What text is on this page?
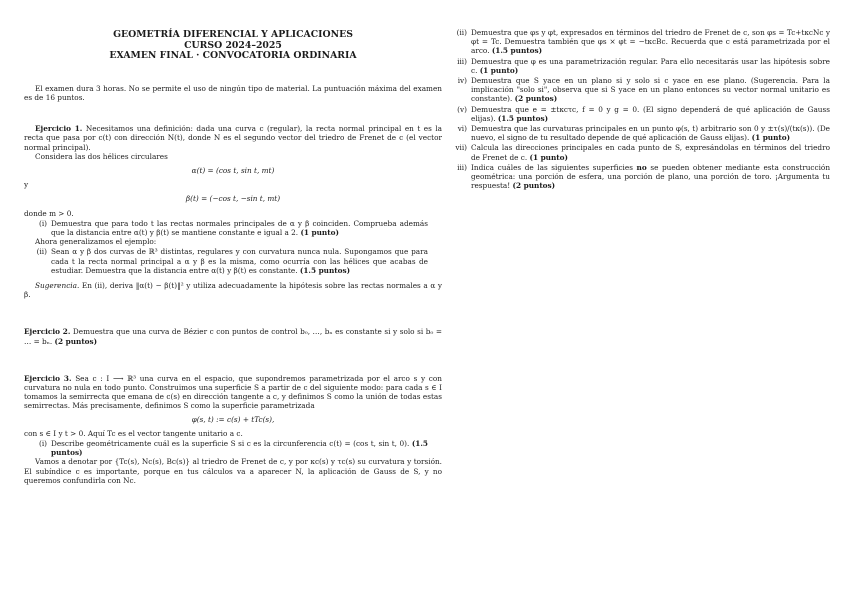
GEOMETRÍA DIFERENCIAL Y APLICACIONES
CURSO 2024–2025
EXAMEN FINAL · CONVOCATORIA ORDINARIA

El examen dura 3 horas. No se permite el uso de ningún tipo de material. La puntuación máxima del examen es de 16 puntos.

Ejercicio 1. Necesitamos una definición: dada una curva c (regular), la recta normal principal en t es la recta que pasa por c(t) con dirección N(t), donde N es el segundo vector del triedro de Frenet de c (el vector normal principal).

Considera las dos hélices circulares

α(t) = (cos t, sin t, mt)

y

β(t) = (−cos t, −sin t, mt)

donde m > 0.

(i) Demuestra que para todo t las rectas normales principales de α y β coinciden. Comprueba además que la distancia entre α(t) y β(t) se mantiene constante e igual a 2. (1 punto)

Ahora generalizamos el ejemplo:

(ii) Sean α y β dos curvas de ℝ³ distintas, regulares y con curvatura nunca nula. Supongamos que para cada t la recta normal principal a α y β es la misma, como ocurría con las hélices que acabas de estudiar. Demuestra que la distancia entre α(t) y β(t) es constante. (1.5 puntos)

Sugerencia. En (ii), deriva ‖α(t) − β(t)‖² y utiliza adecuadamente la hipótesis sobre las rectas normales a α y β.

Ejercicio 2. Demuestra que una curva de Bézier c con puntos de control b₀, …, bₙ es constante si y solo si b₀ = … = bₙ. (2 puntos)

Ejercicio 3. Sea c : I ⟶ ℝ³ una curva en el espacio, que supondremos parametrizada por el arco s y con curvatura no nula en todo punto. Construimos una superficie S a partir de c del siguiente modo: para cada s ∈ I tomamos la semirrecta que emana de c(s) en dirección tangente a c, y definimos S como la unión de todas estas semirrectas. Más precisamente, definimos S como la superficie parametrizada

φ(s, t) := c(s) + tTc(s),

con s ∈ I y t > 0. Aquí Tc es el vector tangente unitario a c.

(i) Describe geométricamente cuál es la superficie S si c es la circunferencia c(t) = (cos t, sin t, 0). (1.5 puntos)

Vamos a denotar por {Tc(s), Nc(s), Bc(s)} al triedro de Frenet de c, y por κc(s) y τc(s) su curvatura y torsión. El subíndice c es importante, porque en tus cálculos va a aparecer N, la aplicación de Gauss de S, y no queremos confundirla con Nc.

(ii) Demuestra que φs y φt, expresados en términos del triedro de Frenet de c, son φs = Tc+tκcNc y φt = Tc. Demuestra también que φs × φt = −tκcBc. Recuerda que c está parametrizada por el arco. (1.5 puntos)
iii) Demuestra que φ es una parametrización regular. Para ello necesitarás usar las hipótesis sobre c. (1 punto)
iv) Demuestra que S yace en un plano si y solo si c yace en ese plano. (Sugerencia. Para la implicación "solo si", observa que si S yace en un plano entonces su vector normal unitario es constante). (2 puntos)
(v) Demuestra que e = ±tκcτc, f = 0 y g = 0. (El signo dependerá de qué aplicación de Gauss elijas). (1.5 puntos)
vi) Demuestra que las curvaturas principales en un punto φ(s, t) arbitrario son 0 y ±τ(s)/(tκ(s)). (De nuevo, el signo de tu resultado depende de qué aplicación de Gauss elijas). (1 punto)
vii) Calcula las direcciones principales en cada punto de S, expresándolas en términos del triedro de Frenet de c. (1 punto)
iii) Indica cuáles de las siguientes superficies no se pueden obtener mediante esta construcción geométrica: una porción de esfera, una porción de plano, una porción de toro. ¡Argumenta tu respuesta! (2 puntos)
